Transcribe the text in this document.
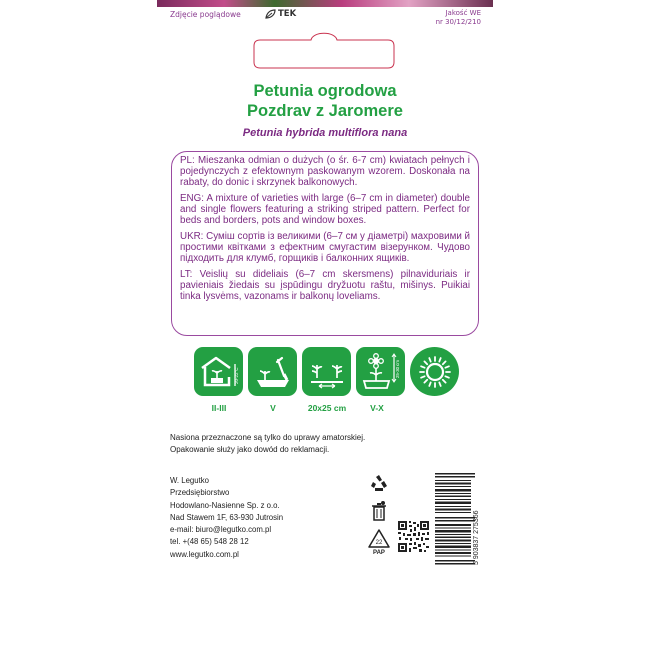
Zdjęcie poglądowe	TEK	Jakość WE
nr 30/12/210
Petunia ogrodowa
Pozdrav z Jaromere
Petunia hybrida multiflora nana

PL: Mieszanka odmian o dużych (o śr. 6-7 cm) kwiatach pełnych i pojedynczych z efektownym paskowanym wzorem. Doskonała na rabaty, do donic i skrzynek balkonowych.

ENG: A mixture of varieties with large (6–7 cm in diameter) double and single flowers featuring a striking striped pattern. Perfect for beds and borders, pots and window boxes.

UKR: Суміш сортів із великими (6–7 см у діаметрі) махровими й простими квітками з ефектним смугастим візерунком. Чудово підходить для клумб, горщиків і балконних ящиків.

LT: Veislių su dideliais (6–7 cm skersmens) pilnaviduriais ir pavieniais žiedais su įspūdingu dryžuotu raštu, mišinys. Puikiai tinka lysvėms, vazonams ir balkonų loveliams.

20-22°C	25-30 cm
II-III	V	20x25 cm	V-X
Nasiona przeznaczone są tylko do uprawy amatorskiej.
Opakowanie służy jako dowód do reklamacji.
W. Legutko
Przedsiębiorstwo
Hodowlano-Nasienne Sp. z o.o.
Nad Stawem 1F, 63-930 Jutrosin
e-mail: biuro@legutko.com.pl
tel. +(48 65) 548 28 12
www.legutko.com.pl
22
PAP	5 903837 275366
